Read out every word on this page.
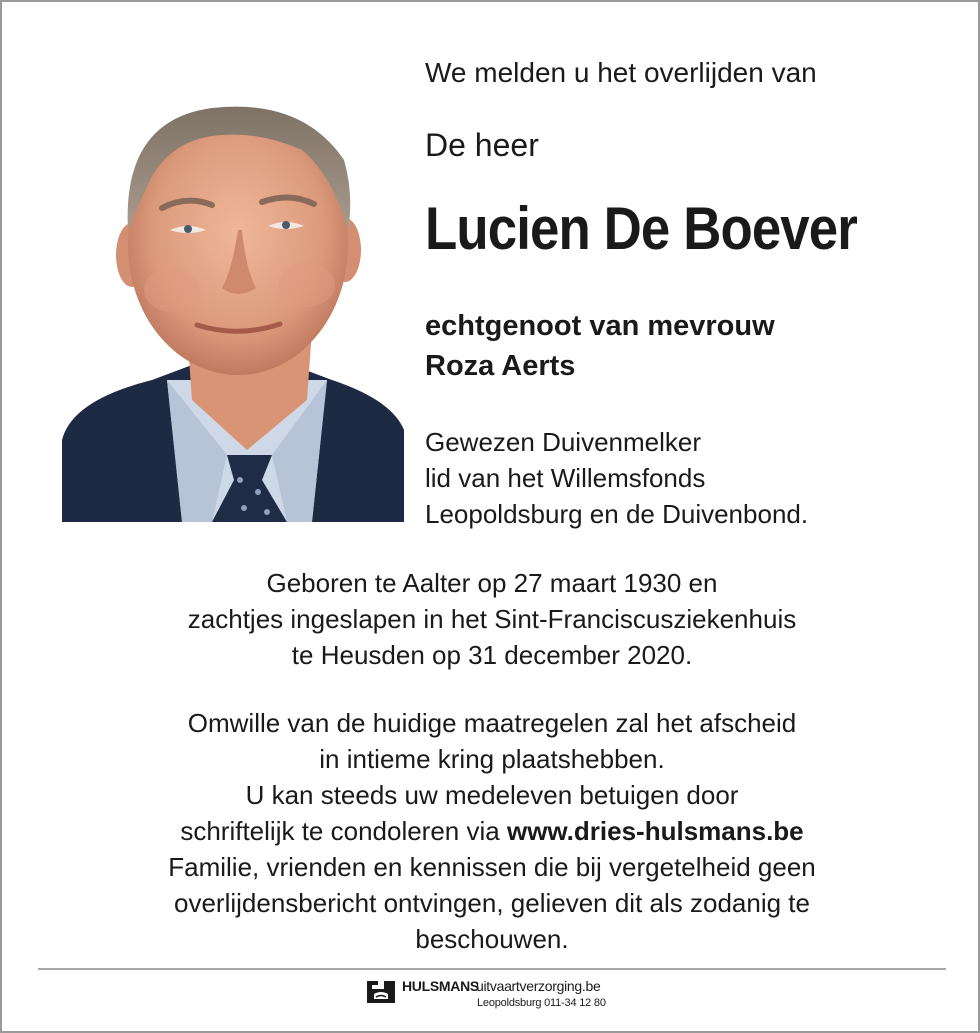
We melden u het overlijden van
De heer
Lucien De Boever
echtgenoot van mevrouw
Roza Aerts
Gewezen Duivenmelker
lid van het Willemsfonds
Leopoldsburg en de Duivenbond.
Geboren te Aalter op 27 maart 1930 en
zachtjes ingeslapen in het Sint-Franciscusziekenhuis
te Heusden op 31 december 2020.
Omwille van de huidige maatregelen zal het afscheid
in intieme kring plaatshebben.
U kan steeds uw medeleven betuigen door
schriftelijk te condoleren via www.dries-hulsmans.be
Familie, vrienden en kennissen die bij vergetelheid geen
overlijdensbericht ontvingen, gelieven dit als zodanig te
beschouwen.
HULSMANS
uitvaartverzorging.be
Leopoldsburg 011-34 12 80
